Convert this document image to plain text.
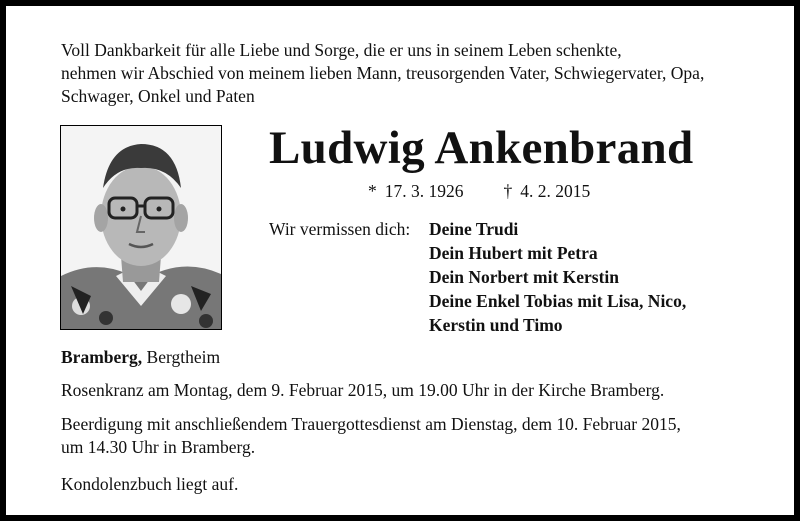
Voll Dankbarkeit für alle Liebe und Sorge, die er uns in seinem Leben schenkte,
nehmen wir Abschied von meinem lieben Mann, treusorgenden Vater, Schwiegervater, Opa,
Schwager, Onkel und Paten
Ludwig Ankenbrand
* 17. 3. 1926 † 4. 2. 2015
Wir vermissen dich: Deine Trudi
Dein Hubert mit Petra
Dein Norbert mit Kerstin
Deine Enkel Tobias mit Lisa, Nico,
Kerstin und Timo
Bramberg, Bergtheim
Rosenkranz am Montag, dem 9. Februar 2015, um 19.00 Uhr in der Kirche Bramberg.
Beerdigung mit anschließendem Trauergottesdienst am Dienstag, dem 10. Februar 2015,
um 14.30 Uhr in Bramberg.
Kondolenzbuch liegt auf.
